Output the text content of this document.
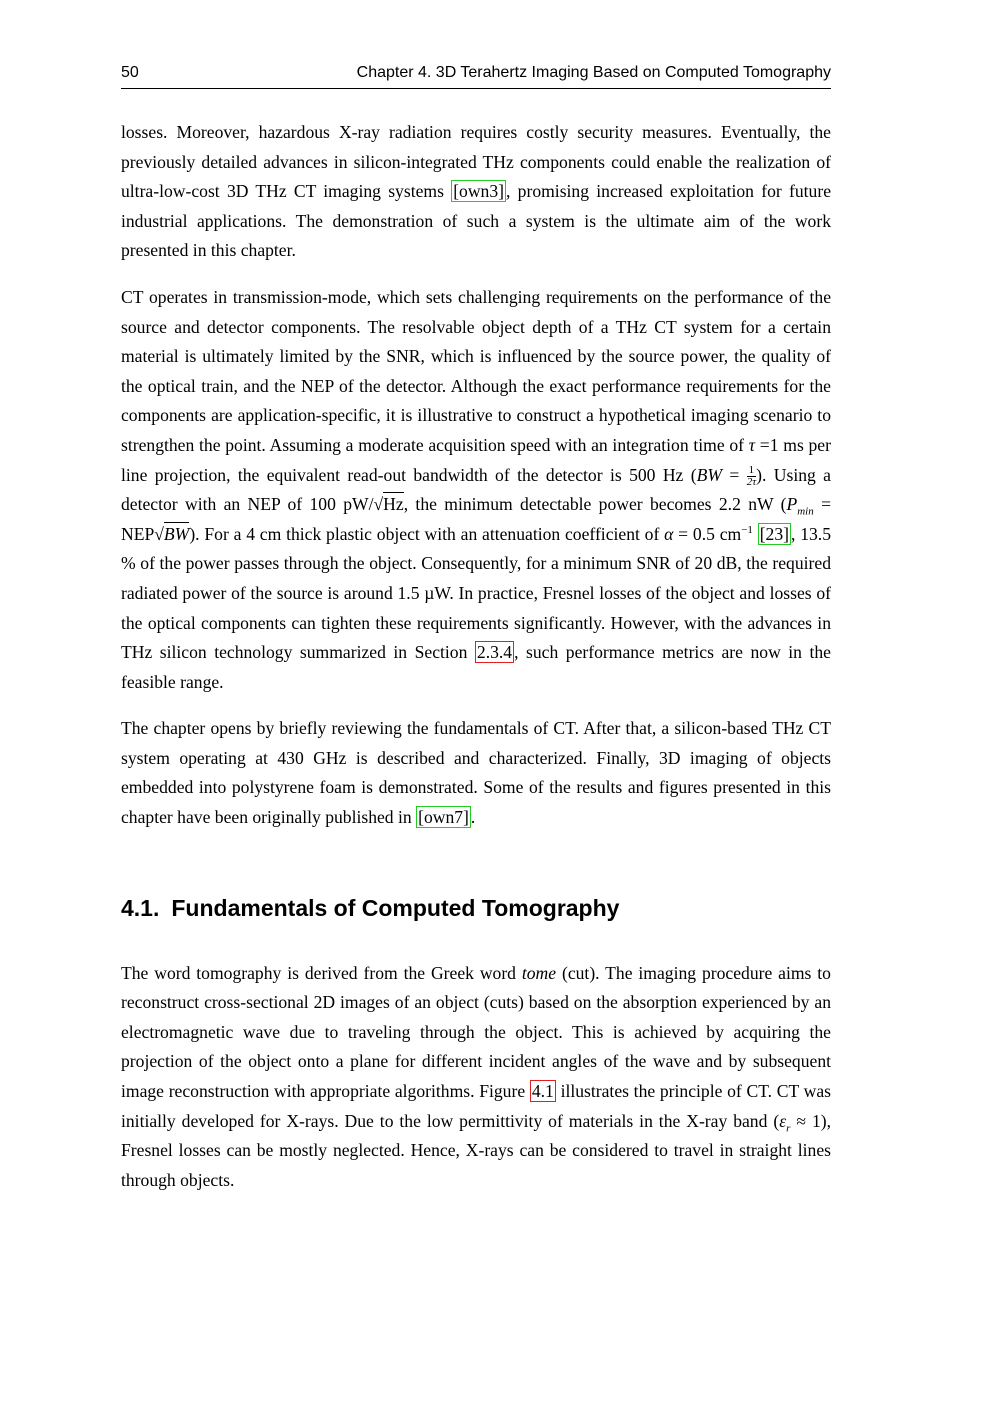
50	Chapter 4. 3D Terahertz Imaging Based on Computed Tomography

losses. Moreover, hazardous X-ray radiation requires costly security measures. Eventually, the previously detailed advances in silicon-integrated THz components could enable the realization of ultra-low-cost 3D THz CT imaging systems [own3] , promising increased exploitation for future industrial applications. The demonstration of such a system is the ultimate aim of the work presented in this chapter.

CT operates in transmission-mode, which sets challenging requirements on the performance of the source and detector components. The resolvable object depth of a THz CT system for a certain material is ultimately limited by the SNR, which is influenced by the source power, the quality of the optical train, and the NEP of the detector. Although the exact performance requirements for the components are application-specific, it is illustrative to construct a hypothetical imaging scenario to strengthen the point. Assuming a moderate acquisition speed with an integration time of τ =1 ms per line projection, the equivalent read-out bandwidth of the detector is 500 Hz ($BW = \frac{1}{2\tau}$ ). Using a detector with an NEP of 100 pW/√Hz, the minimum detectable power becomes 2.2 nW $(P_{min} = NEP√BW)$. For a 4 cm thick plastic object with an attenuation coefficient of α = 0.5 $cm^{-1}$ [23] , 13.5 % of the power passes through the object. Consequently, for a minimum SNR of 20 dB, the required radiated power of the source is around 1.5 µW. In practice, Fresnel losses of the object and losses of the optical components can tighten these requirements significantly. However, with the advances in THz silicon technology summarized in Section 2.3.4 , such performance metrics are now in the feasible range.

The chapter opens by briefly reviewing the fundamentals of CT. After that, a silicon-based THz CT system operating at 430 GHz is described and characterized. Finally, 3D imaging of objects embedded into polystyrene foam is demonstrated. Some of the results and figures presented in this chapter have been originally published in [own7] .

4.1. Fundamentals of Computed Tomography

The word tomography is derived from the Greek word tome (cut). The imaging procedure aims to reconstruct cross-sectional 2D images of an object (cuts) based on the absorption experienced by an electromagnetic wave due to traveling through the object. This is achieved by acquiring the projection of the object onto a plane for different incident angles of the wave and by subsequent image reconstruction with appropriate algorithms. Figure 4.1 illustrates the principle of CT. CT was initially developed for X-rays. Due to the low permittivity of materials in the X-ray band $(\varepsilon_r \approx 1)$, Fresnel losses can be mostly neglected. Hence, X-rays can be considered to travel in straight lines through objects.
